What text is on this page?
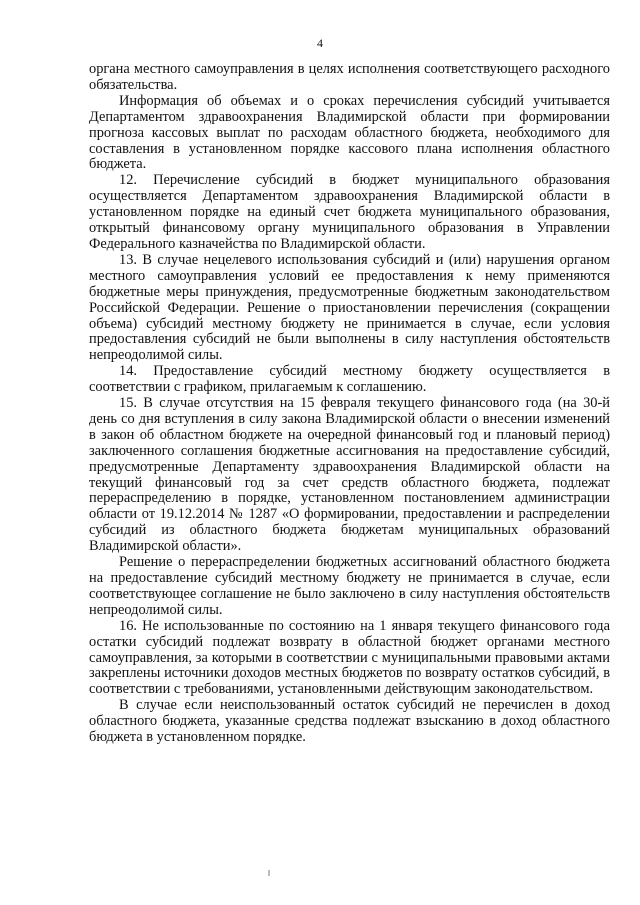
4

органа местного самоуправления в целях исполнения соответствующего расходного обязательства.

Информация об объемах и о сроках перечисления субсидий учитывается Департаментом здравоохранения Владимирской области при формировании прогноза кассовых выплат по расходам областного бюджета, необходимого для составления в установленном порядке кассового плана исполнения областного бюджета.

12. Перечисление субсидий в бюджет муниципального образования осуществляется Департаментом здравоохранения Владимирской области в установленном порядке на единый счет бюджета муниципального образования, открытый финансовому органу муниципального образования в Управлении Федерального казначейства по Владимирской области.

13. В случае нецелевого использования субсидий и (или) нарушения органом местного самоуправления условий ее предоставления к нему применяются бюджетные меры принуждения, предусмотренные бюджетным законодательством Российской Федерации. Решение о приостановлении перечисления (сокращении объема) субсидий местному бюджету не принимается в случае, если условия предоставления субсидий не были выполнены в силу наступления обстоятельств непреодолимой силы.

14. Предоставление субсидий местному бюджету осуществляется в соответствии с графиком, прилагаемым к соглашению.

15. В случае отсутствия на 15 февраля текущего финансового года (на 30-й день со дня вступления в силу закона Владимирской области о внесении изменений в закон об областном бюджете на очередной финансовый год и плановый период) заключенного соглашения бюджетные ассигнования на предоставление субсидий, предусмотренные Департаменту здравоохранения Владимирской области на текущий финансовый год за счет средств областного бюджета, подлежат перераспределению в порядке, установленном постановлением администрации области от 19.12.2014 № 1287 «О формировании, предоставлении и распределении субсидий из областного бюджета бюджетам муниципальных образований Владимирской области».

Решение о перераспределении бюджетных ассигнований областного бюджета на предоставление субсидий местному бюджету не принимается в случае, если соответствующее соглашение не было заключено в силу наступления обстоятельств непреодолимой силы.

16. Не использованные по состоянию на 1 января текущего финансового года остатки субсидий подлежат возврату в областной бюджет органами местного самоуправления, за которыми в соответствии с муниципальными правовыми актами закреплены источники доходов местных бюджетов по возврату остатков субсидий, в соответствии с требованиями, установленными действующим законодательством.

В случае если неиспользованный остаток субсидий не перечислен в доход областного бюджета, указанные средства подлежат взысканию в доход областного бюджета в установленном порядке.
